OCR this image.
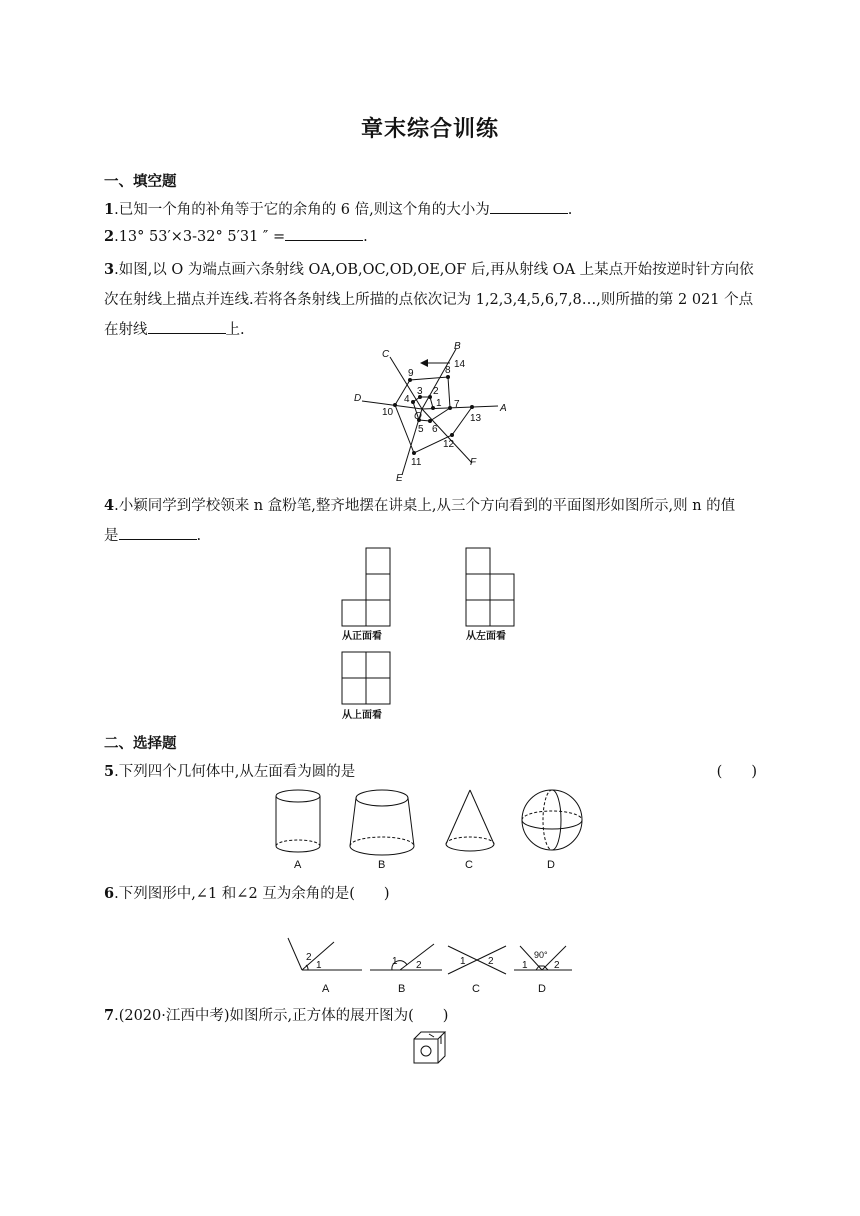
章末综合训练
一、填空题
1.已知一个角的补角等于它的余角的 6 倍,则这个角的大小为	.
2.13° 53′×3-32° 5′31 ″ =	.
3.如图,以 O 为端点画六条射线 OA,OB,OC,OD,OE,OF 后,再从射线 OA 上某点开始按逆时针方向依
次在射线上描点并连线.若将各条射线上所描的点依次记为 1,2,3,4,5,6,7,8…,则所描的第 2 021 个点
在射线	上.
A
B
C
D
E
F
O
1
2
3
4
5 6
7
8
9
10
11
12
13
14
4.小颖同学到学校领来 n 盒粉笔,整齐地摆在讲桌上,从三个方向看到的平面图形如图所示,则 n 的值
是	.
从正面看	从左面看
从上面看
二、选择题
5.下列四个几何体中,从左面看为圆的是	(　　)
A	B	C	D
6.下列图形中,∠1 和∠2 互为余角的是(　　)
2
1	1 2	1 2	1	2
90°
A	B	C	D
7.(2020·江西中考)如图所示,正方体的展开图为(　　)
